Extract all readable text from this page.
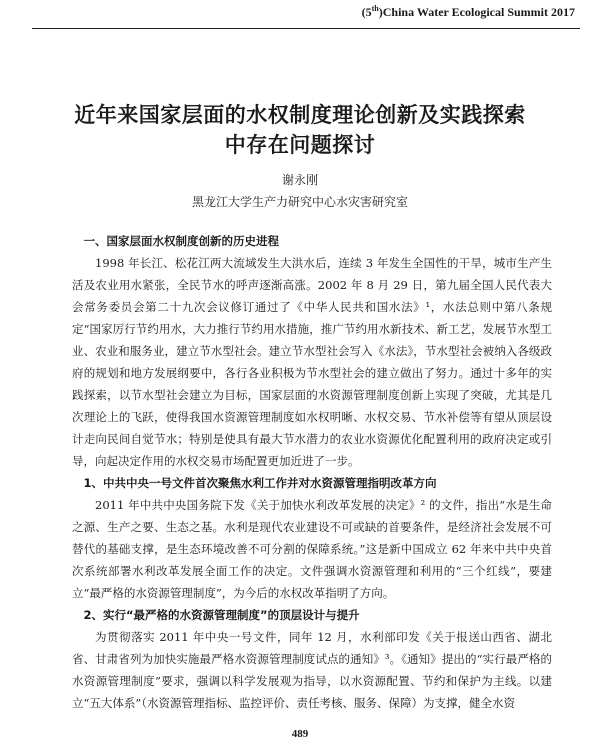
(5th)China Water Ecological Summit 2017
近年来国家层面的水权制度理论创新及实践探索
中存在问题探讨
谢永刚
黑龙江大学生产力研究中心水灾害研究室
一、国家层面水权制度创新的历史进程

1998 年长江、松花江两大流域发生大洪水后，连续 3 年发生全国性的干旱，城市生产生活及农业用水紧张，全民节水的呼声逐渐高涨。2002 年 8 月 29 日，第九届全国人民代表大会常务委员会第二十九次会议修订通过了《中华人民共和国水法》¹，水法总则中第八条规定“国家厉行节约用水，大力推行节约用水措施，推广节约用水新技术、新工艺，发展节水型工业、农业和服务业，建立节水型社会。建立节水型社会写入《水法》，节水型社会被纳入各级政府的规划和地方发展纲要中，各行各业积极为节水型社会的建立做出了努力。通过十多年的实践探索，以节水型社会建立为目标，国家层面的水资源管理制度创新上实现了突破，尤其是几次理论上的飞跃，使得我国水资源管理制度如水权明晰、水权交易、节水补偿等有望从顶层设计走向民间自觉节水；特别是使具有最大节水潜力的农业水资源优化配置利用的政府决定或引导，向起决定作用的水权交易市场配置更加近进了一步。

1、中共中央一号文件首次聚焦水利工作并对水资源管理指明改革方向

2011 年中共中央国务院下发《关于加快水利改革发展的决定》² 的文件，指出“水是生命之源、生产之要、生态之基。水利是现代农业建设不可或缺的首要条件，是经济社会发展不可替代的基础支撑，是生态环境改善不可分割的保障系统。”这是新中国成立 62 年来中共中央首次系统部署水利改革发展全面工作的决定。文件强调水资源管理和利用的“三个红线”，要建立“最严格的水资源管理制度”，为今后的水权改革指明了方向。

2、实行“最严格的水资源管理制度”的顶层设计与提升

为贯彻落实 2011 年中央一号文件，同年 12 月，水利部印发《关于报送山西省、湖北省、甘肃省列为加快实施最严格水资源管理制度试点的通知》³。《通知》提出的“实行最严格的水资源管理制度”要求，强调以科学发展观为指导，以水资源配置、节约和保护为主线。以建立“五大体系”（水资源管理指标、监控评价、责任考核、服务、保障）为支撑，健全水资

489
